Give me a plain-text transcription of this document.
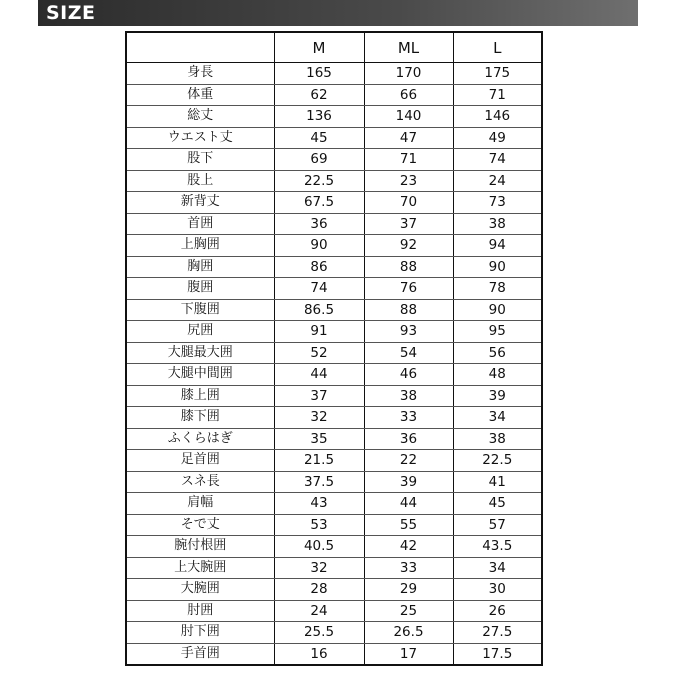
SIZE
	M	ML	L
身長	165	170	175
体重	62	66	71
総丈	136	140	146
ウエスト丈	45	47	49
股下	69	71	74
股上	22.5	23	24
新背丈	67.5	70	73
首囲	36	37	38
上胸囲	90	92	94
胸囲	86	88	90
腹囲	74	76	78
下腹囲	86.5	88	90
尻囲	91	93	95
大腿最大囲	52	54	56
大腿中間囲	44	46	48
膝上囲	37	38	39
膝下囲	32	33	34
ふくらはぎ	35	36	38
足首囲	21.5	22	22.5
スネ長	37.5	39	41
肩幅	43	44	45
そで丈	53	55	57
腕付根囲	40.5	42	43.5
上大腕囲	32	33	34
大腕囲	28	29	30
肘囲	24	25	26
肘下囲	25.5	26.5	27.5
手首囲	16	17	17.5
